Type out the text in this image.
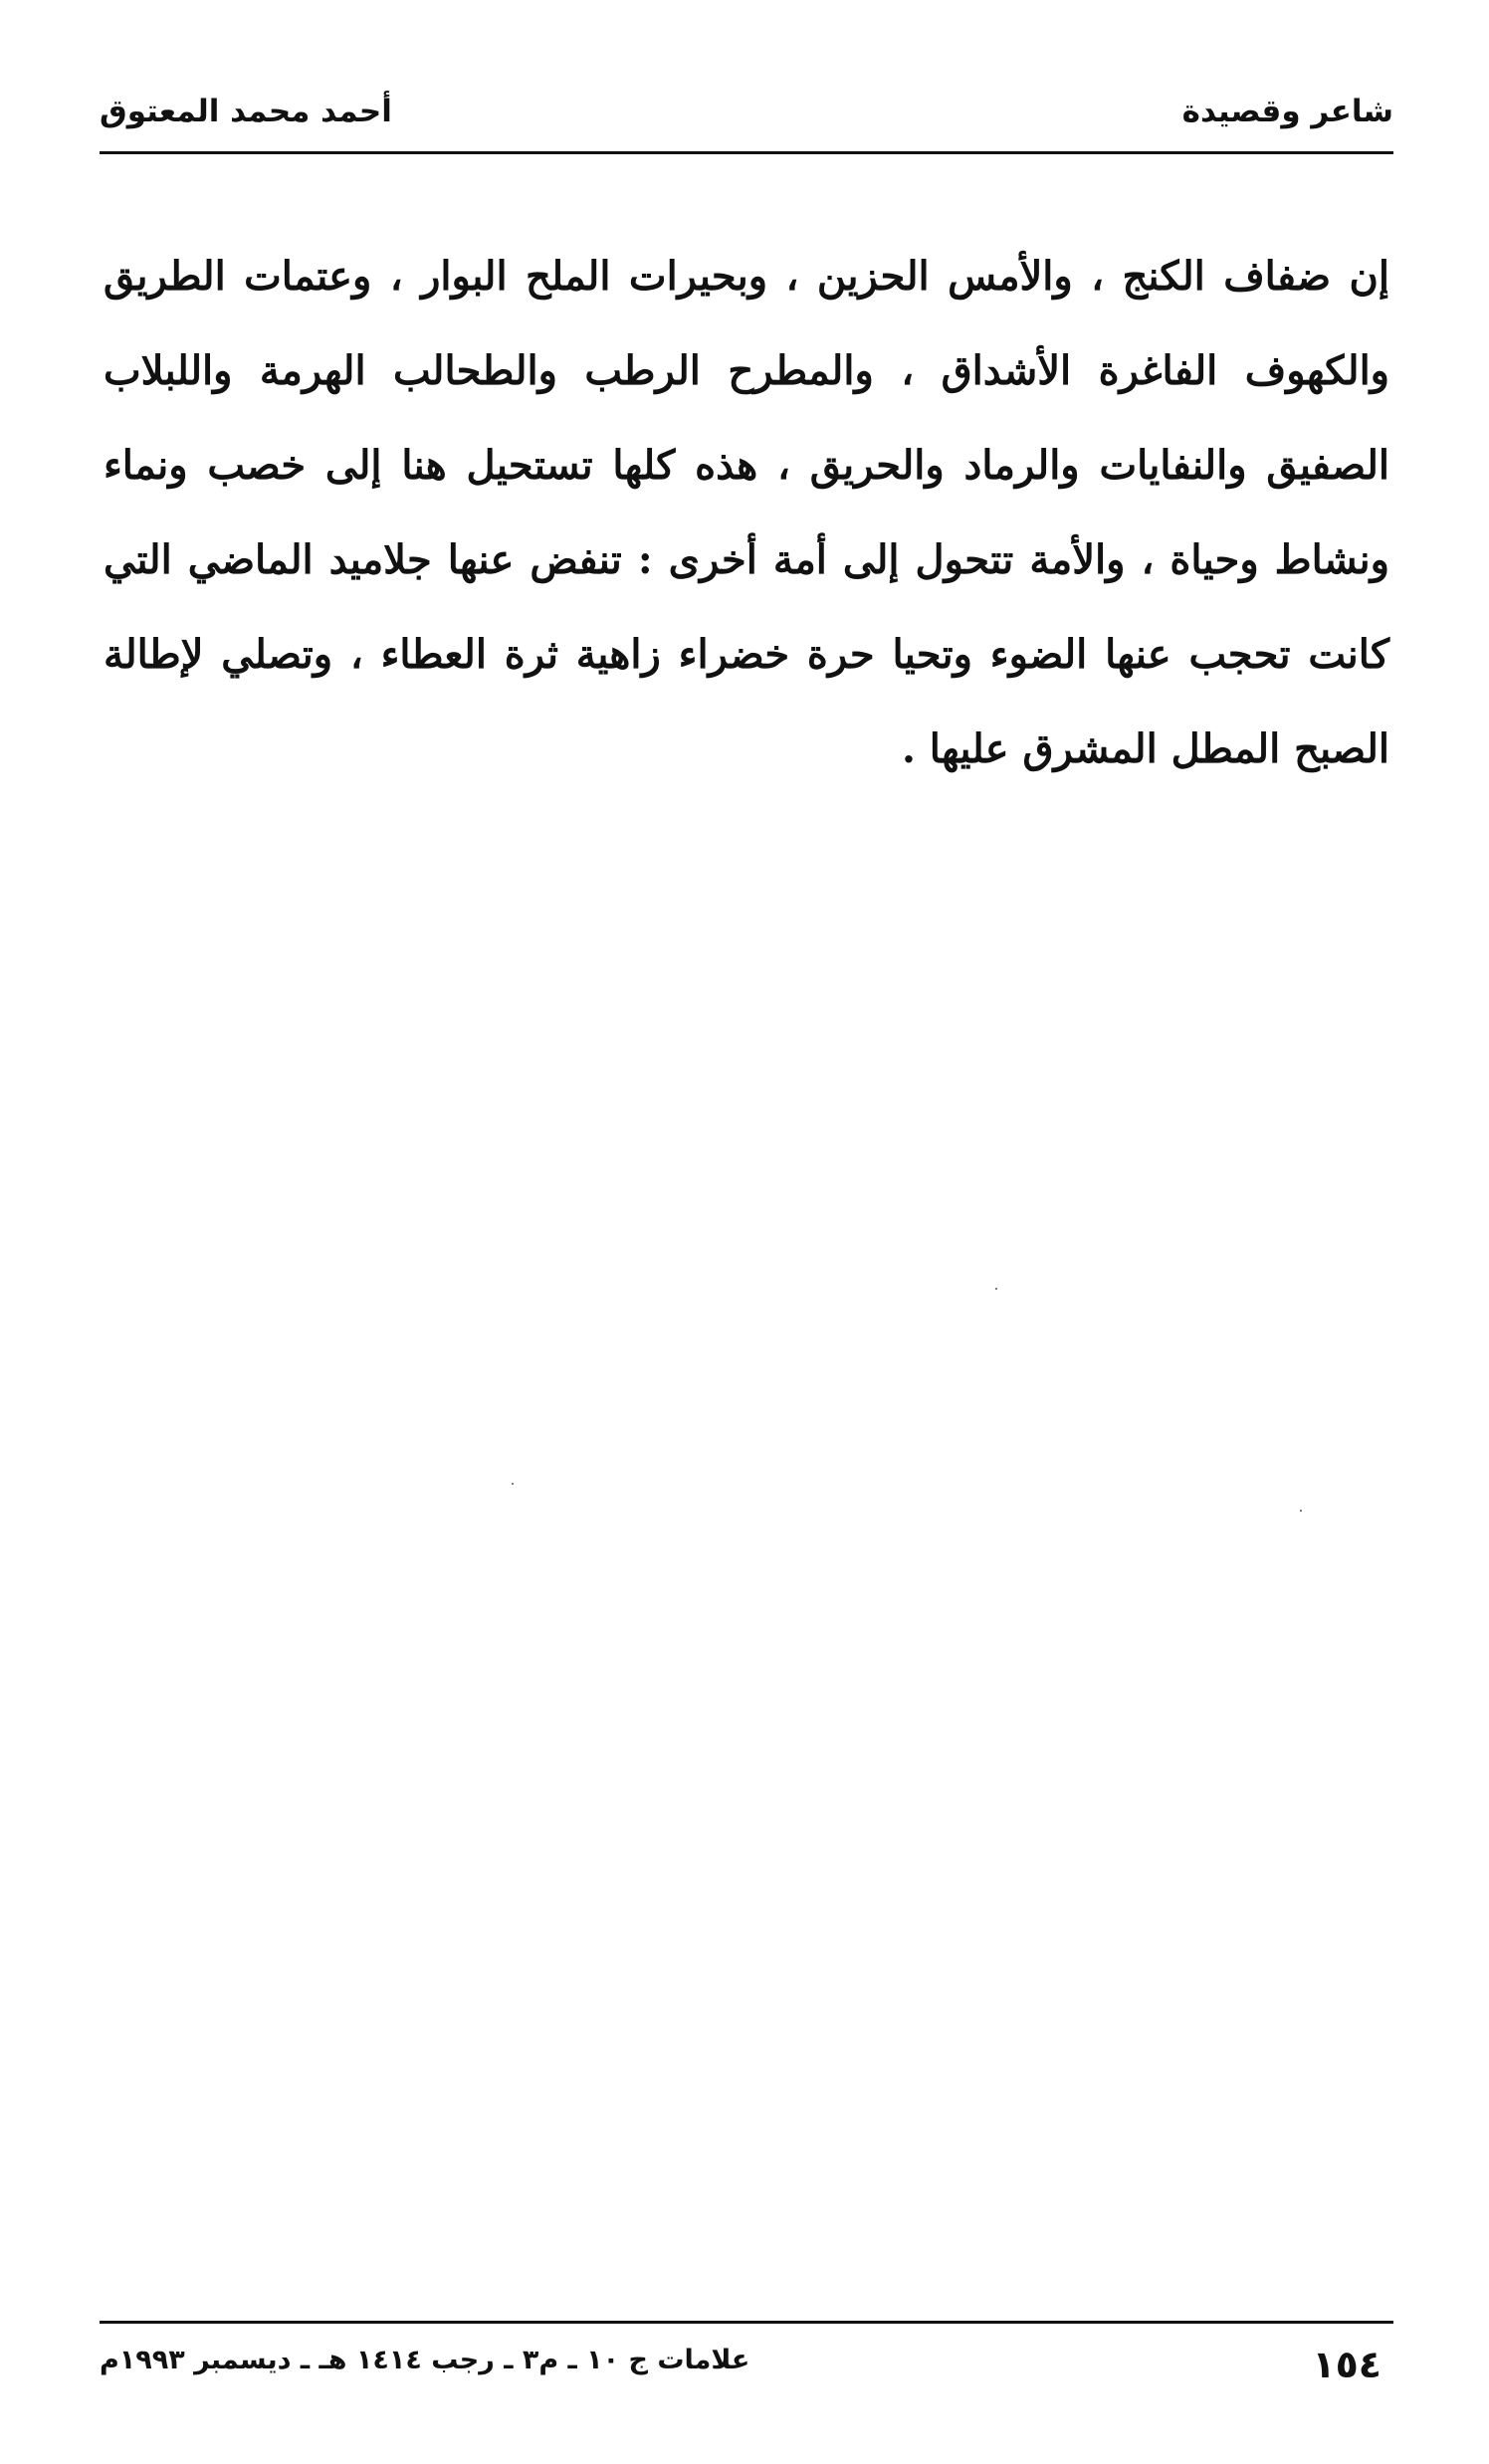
شاعر وقصيدة
أحمد محمد المعتوق

إن ضفاف الكنج ، والأمس الحزين ، وبحيرات الملح البوار ، وعتمات الطريق والكهوف الفاغرة الأشداق ، والمطرح الرطب والطحالب الهرمة واللبلاب الصفيق والنفايات والرماد والحريق ، هذه كلها تستحيل هنا إلى خصب ونماء ونشاط وحياة ، والأمة تتحول إلى أمة أخرى : تنفض عنها جلاميد الماضي التي كانت تحجب عنها الضوء وتحيا حرة خضراء زاهية ثرة العطاء ، وتصلي لإطالة الصبح المطل المشرق عليها .

١٥٤
علامات ج ١٠ ـ م٣ ـ رجب ١٤١٤ هـ ـ ديسمبر ١٩٩٣م
